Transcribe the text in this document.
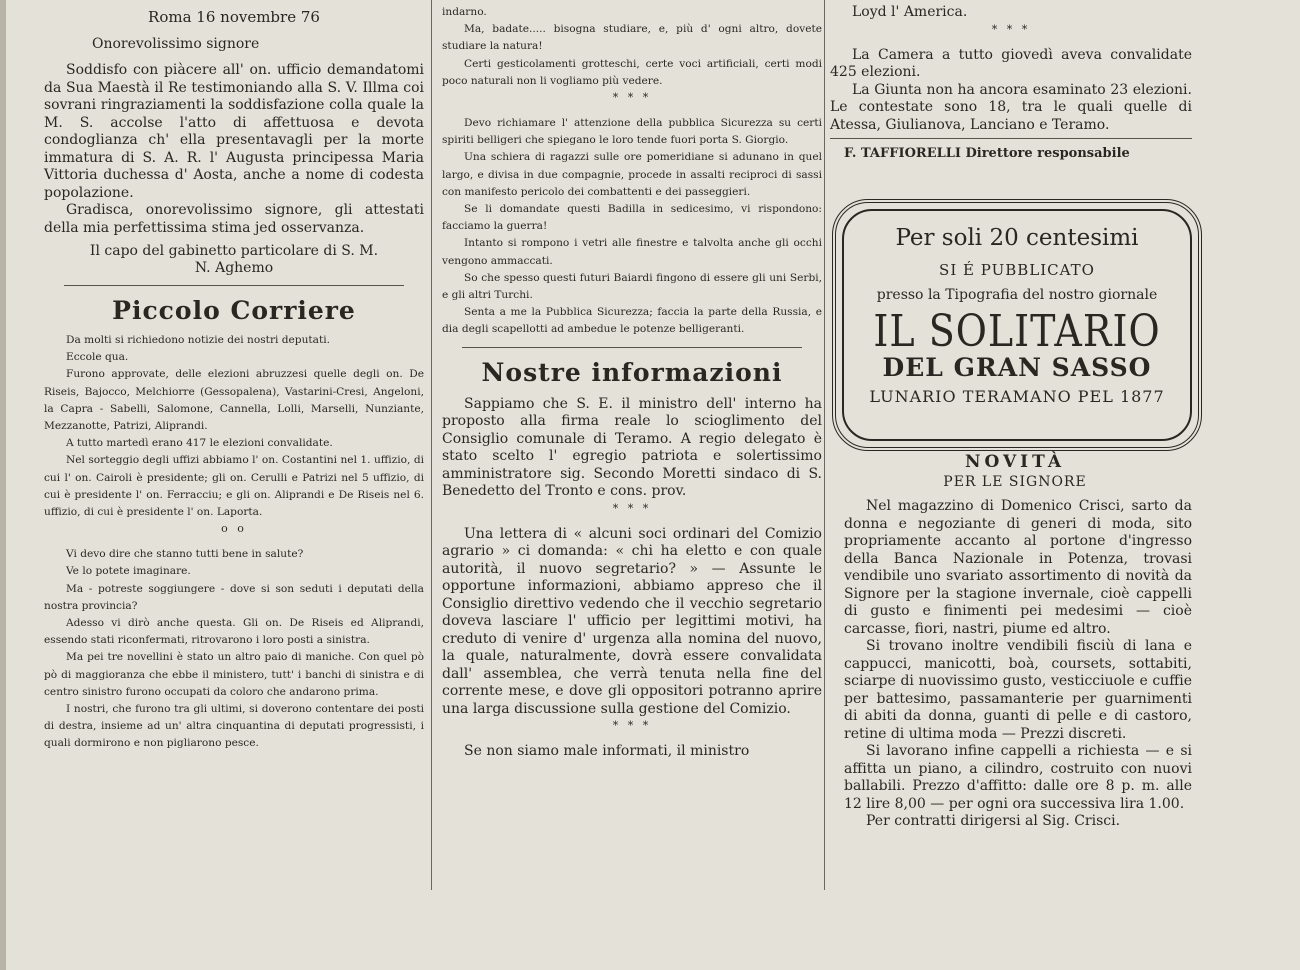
Roma 16 novembre 76
Onorevolissimo signore

Soddisfo con piàcere all' on. ufficio demandatomi da Sua Maestà il Re testimoniando alla S. V. Illma coi sovrani ringraziamenti la soddisfazione colla quale la M. S. accolse l'atto di affettuosa e devota condoglianza ch' ella presentavagli per la morte immatura di S. A. R. l' Augusta principessa Maria Vittoria duchessa d' Aosta, anche a nome di codesta popolazione.

Gradisca, onorevolissimo signore, gli attestati della mia perfettissima stima jed osservanza.

Il capo del gabinetto particolare di S. M.
N. Aghemo
Piccolo Corriere

Da molti si richiedono notizie dei nostri deputati.

Eccole qua.

Furono approvate, delle elezioni abruzzesi quelle degli on. De Riseis, Bajocco, Melchiorre (Gessopalena), Vastarini-Cresi, Angeloni, la Capra - Sabelli, Salomone, Cannella, Lolli, Marselli, Nunziante, Mezzanotte, Patrizi, Aliprandi.

A tutto martedì erano 417 le elezioni convalidate.

Nel sorteggio degli uffizi abbiamo l' on. Costantini nel 1. uffizio, di cui l' on. Cairoli è presidente; gli on. Cerulli e Patrizi nel 5 uffizio, di cui è presidente l' on. Ferracciu; e gli on. Aliprandi e De Riseis nel 6. uffizio, di cui è presidente l' on. Laporta.

o o

Vi devo dire che stanno tutti bene in salute?

Ve lo potete imaginare.

Ma - potreste soggiungere - dove si son seduti i deputati della nostra provincia?

Adesso vi dirò anche questa. Gli on. De Riseis ed Aliprandi, essendo stati riconfermati, ritrovarono i loro posti a sinistra.

Ma pei tre novellini è stato un altro paio di maniche. Con quel pò pò di maggioranza che ebbe il ministero, tutt' i banchi di sinistra e di centro sinistro furono occupati da coloro che andarono prima.

I nostri, che furono tra gli ultimi, si doverono contentare dei posti di destra, insieme ad un' altra cinquantina di deputati progressisti, i quali dormirono e non pigliarono pesce.

indarno.

Ma, badate..... bisogna studiare, e, più d' ogni altro, dovete studiare la natura!

Certi gesticolamenti grotteschi, certe voci artificiali, certi modi poco naturali non li vogliamo più vedere.

* * *

Devo richiamare l' attenzione della pubblica Sicurezza su certi spiriti belligeri che spiegano le loro tende fuori porta S. Giorgio.

Una schiera di ragazzi sulle ore pomeridiane si adunano in quel largo, e divisa in due compagnie, procede in assalti reciproci di sassi con manifesto pericolo dei combattenti e dei passeggieri.

Se li domandate questi Badilla in sedicesimo, vi rispondono: facciamo la guerra!

Intanto si rompono i vetri alle finestre e talvolta anche gli occhi vengono ammaccati.

So che spesso questi futuri Baiardi fingono di essere gli uni Serbi, e gli altri Turchi.

Senta a me la Pubblica Sicurezza; faccia la parte della Russia, e dia degli scapellotti ad ambedue le potenze belligeranti.

Nostre informazioni

Sappiamo che S. E. il ministro dell' interno ha proposto alla firma reale lo scioglimento del Consiglio comunale di Teramo. A regio delegato è stato scelto l' egregio patriota e solertissimo amministratore sig. Secondo Moretti sindaco di S. Benedetto del Tronto e cons. prov.

* * *

Una lettera di « alcuni soci ordinari del Comizio agrario » ci domanda: « chi ha eletto e con quale autorità, il nuovo segretario? » — Assunte le opportune informazioni, abbiamo appreso che il Consiglio direttivo vedendo che il vecchio segretario doveva lasciare l' ufficio per legittimi motivi, ha creduto di venire d' urgenza alla nomina del nuovo, la quale, naturalmente, dovrà essere convalidata dall' assemblea, che verrà tenuta nella fine del corrente mese, e dove gli oppositori potranno aprire una larga discussione sulla gestione del Comizio.

* * *

Se non siamo male informati, il ministro

Loyd l' America.

* * *

La Camera a tutto giovedì aveva convalidate 425 elezioni.

La Giunta non ha ancora esaminato 23 elezioni. Le contestate sono 18, tra le quali quelle di Atessa, Giulianova, Lanciano e Teramo.

F. TAFFIORELLI Direttore responsabile
Per soli 20 centesimi
SI É PUBBLICATO
presso la Tipografia del nostro giornale
IL SOLITARIO
DEL GRAN SASSO
LUNARIO TERAMANO PEL 1877
NOVITÀ
PER LE SIGNORE

Nel magazzino di Domenico Crisci, sarto da donna e negoziante di generi di moda, sito propriamente accanto al portone d'ingresso della Banca Nazionale in Potenza, trovasi vendibile uno svariato assortimento di novità da Signore per la stagione invernale, cioè cappelli di gusto e finimenti pei medesimi — cioè carcasse, fiori, nastri, piume ed altro.

Si trovano inoltre vendibili fisciù di lana e cappucci, manicotti, boà, coursets, sottabiti, sciarpe di nuovissimo gusto, vesticciuole e cuffie per battesimo, passamanterie per guarnimenti di abiti da donna, guanti di pelle e di castoro, retine di ultima moda — Prezzi discreti.

Si lavorano infine cappelli a richiesta — e si affitta un piano, a cilindro, costruito con nuovi ballabili. Prezzo d'affitto: dalle ore 8 p. m. alle 12 lire 8,00 — per ogni ora successiva lira 1.00.

Per contratti dirigersi al Sig. Crisci.
